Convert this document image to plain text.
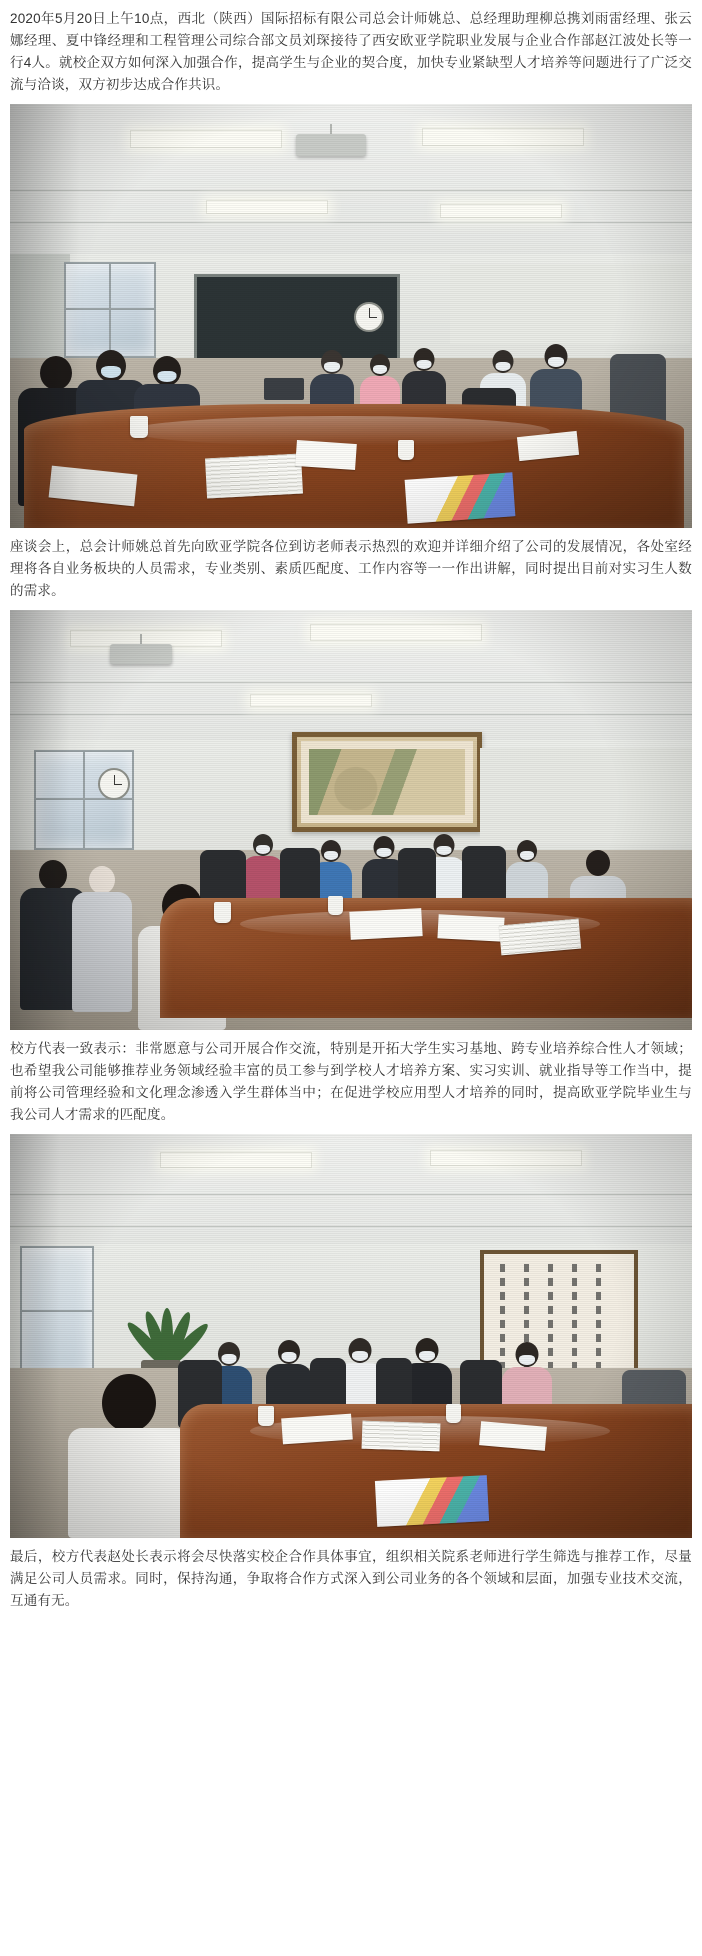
2020年5月20日上午10点，西北（陕西）国际招标有限公司总会计师姚总、总经理助理柳总携刘雨雷经理、张云娜经理、夏中锋经理和工程管理公司综合部文员刘琛接待了西安欧亚学院职业发展与企业合作部赵江波处长等一行4人。就校企双方如何深入加强合作，提高学生与企业的契合度，加快专业紧缺型人才培养等问题进行了广泛交流与洽谈，双方初步达成合作共识。

座谈会上，总会计师姚总首先向欧亚学院各位到访老师表示热烈的欢迎并详细介绍了公司的发展情况，各处室经理将各自业务板块的人员需求，专业类别、素质匹配度、工作内容等一一作出讲解，同时提出目前对实习生人数的需求。

校方代表一致表示：非常愿意与公司开展合作交流，特别是开拓大学生实习基地、跨专业培养综合性人才领域；也希望我公司能够推荐业务领域经验丰富的员工参与到学校人才培养方案、实习实训、就业指导等工作当中，提前将公司管理经验和文化理念渗透入学生群体当中；在促进学校应用型人才培养的同时，提高欧亚学院毕业生与我公司人才需求的匹配度。

最后，校方代表赵处长表示将会尽快落实校企合作具体事宜，组织相关院系老师进行学生筛选与推荐工作，尽量满足公司人员需求。同时，保持沟通，争取将合作方式深入到公司业务的各个领域和层面，加强专业技术交流，互通有无。
